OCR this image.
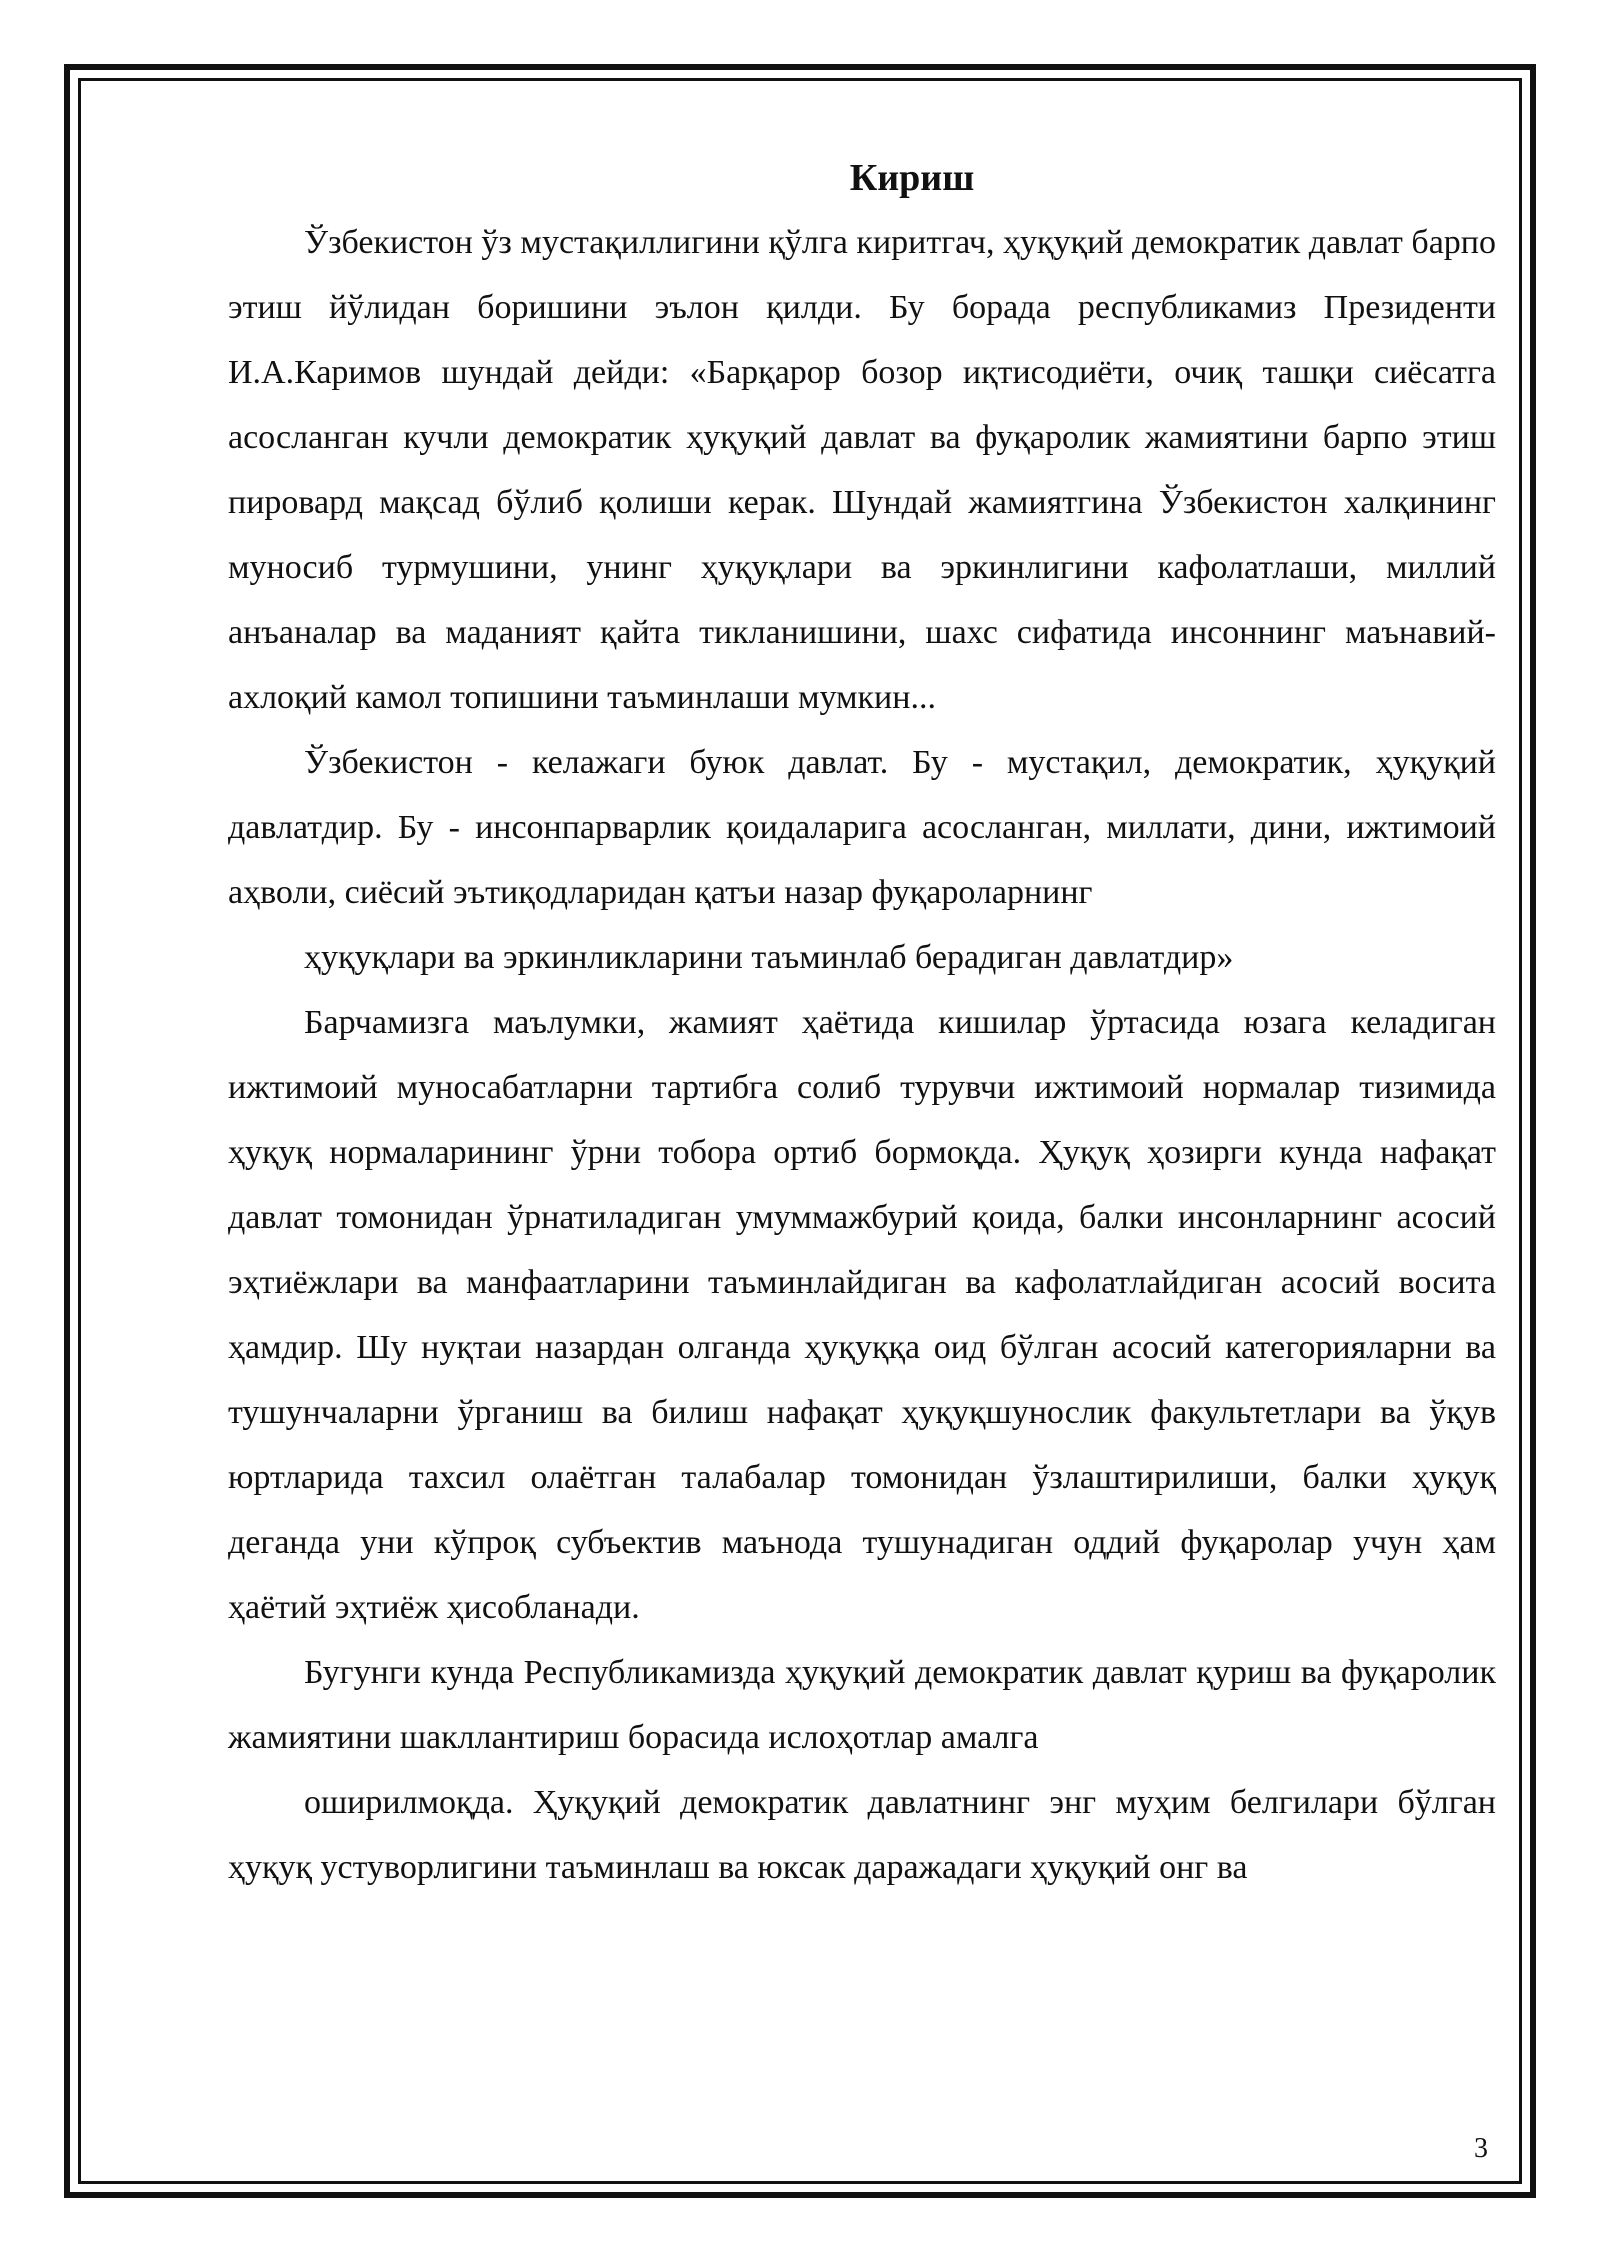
Кириш

Ўзбекистон ўз мустақиллигини қўлга киритгач, ҳуқуқий демократик давлат барпо этиш йўлидан боришини эълон қилди. Бу борада республикамиз Президенти И.А.Каримов шундай дейди: «Барқарор бозор иқтисодиёти, очиқ ташқи сиёсатга асосланган кучли демократик ҳуқуқий давлат ва фуқаролик жамиятини барпо этиш пировард мақсад бўлиб қолиши керак. Шундай жамиятгина Ўзбекистон халқининг муносиб турмушини, унинг ҳуқуқлари ва эркинлигини кафолатлаши, миллий анъаналар ва маданият қайта тикланишини, шахс сифатида инсоннинг маънавий-ахлоқий камол топишини таъминлаши мумкин...

Ўзбекистон - келажаги буюк давлат. Бу - мустақил, демократик, ҳуқуқий давлатдир. Бу - инсонпарварлик қоидаларига асосланган, миллати, дини, ижтимоий аҳволи, сиёсий эътиқодларидан қатъи назар фуқароларнинг

ҳуқуқлари ва эркинликларини таъминлаб берадиган давлатдир»

Барчамизга маълумки, жамият ҳаётида кишилар ўртасида юзага келадиган ижтимоий муносабатларни тартибга солиб турувчи ижтимоий нормалар тизимида ҳуқуқ нормаларининг ўрни тобора ортиб бормоқда. Ҳуқуқ ҳозирги кунда нафақат давлат томонидан ўрнатиладиган умуммажбурий қоида, балки инсонларнинг асосий эҳтиёжлари ва манфаатларини таъминлайдиган ва кафолатлайдиган асосий восита ҳамдир. Шу нуқтаи назардан олганда ҳуқуққа оид бўлган асосий категорияларни ва тушунчаларни ўрганиш ва билиш нафақат ҳуқуқшунослик факультетлари ва ўқув юртларида тахсил олаётган талабалар томонидан ўзлаштирилиши, балки ҳуқуқ деганда уни кўпроқ субъектив маънода тушунадиган оддий фуқаролар учун ҳам ҳаётий эҳтиёж ҳисобланади.

Бугунги кунда Республикамизда ҳуқуқий демократик давлат қуриш ва фуқаролик жамиятини шакллантириш борасида ислоҳотлар амалга

оширилмоқда. Ҳуқуқий демократик давлатнинг энг муҳим белгилари бўлган ҳуқуқ устуворлигини таъминлаш ва юксак даражадаги ҳуқуқий онг ва

3
